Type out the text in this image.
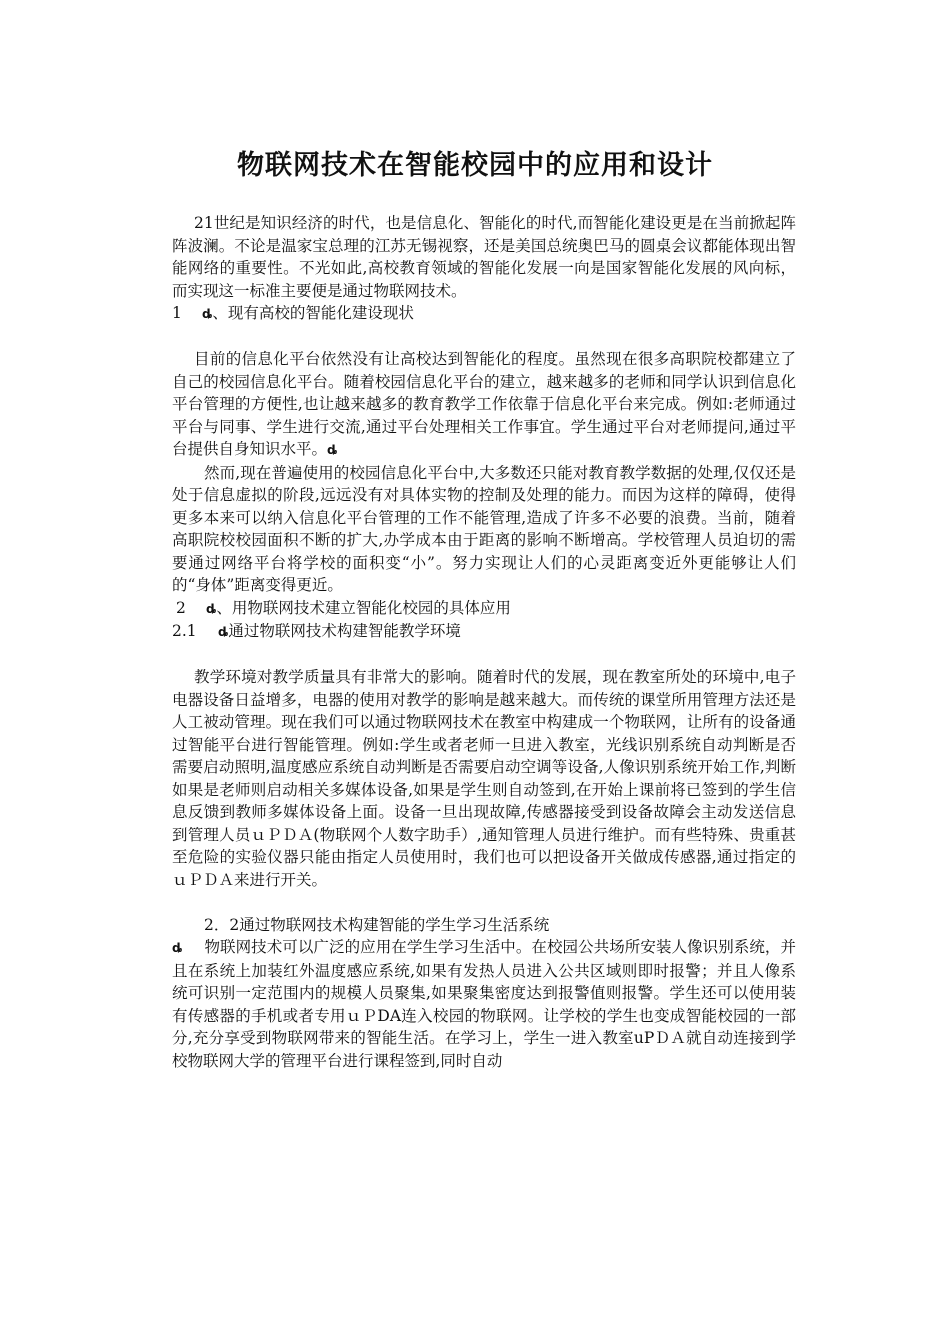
物联网技术在智能校园中的应用和设计

21世纪是知识经济的时代，也是信息化、智能化的时代,而智能化建设更是在当前掀起阵阵波澜。不论是温家宝总理的江苏无锡视察，还是美国总统奥巴马的圆桌会议都能体现出智能网络的重要性。不光如此,高校教育领域的智能化发展一向是国家智能化发展的风向标，而实现这一标准主要便是通过物联网技术。

1 ȡ、现有高校的智能化建设现状

目前的信息化平台依然没有让高校达到智能化的程度。虽然现在很多高职院校都建立了自己的校园信息化平台。随着校园信息化平台的建立，越来越多的老师和同学认识到信息化平台管理的方便性,也让越来越多的教育教学工作依靠于信息化平台来完成。例如:老师通过平台与同事、学生进行交流,通过平台处理相关工作事宜。学生通过平台对老师提问,通过平台提供自身知识水平。ȡ

然而,现在普遍使用的校园信息化平台中,大多数还只能对教育教学数据的处理,仅仅还是处于信息虚拟的阶段,远远没有对具体实物的控制及处理的能力。而因为这样的障碍，使得更多本来可以纳入信息化平台管理的工作不能管理,造成了许多不必要的浪费。当前，随着高职院校校园面积不断的扩大,办学成本由于距离的影响不断增高。学校管理人员迫切的需要通过网络平台将学校的面积变“小”。努力实现让人们的心灵距离变近外更能够让人们的“身体”距离变得更近。

2 ȡ、用物联网技术建立智能化校园的具体应用

2.1 ȡ通过物联网技术构建智能教学环境

教学环境对教学质量具有非常大的影响。随着时代的发展，现在教室所处的环境中,电子电器设备日益增多，电器的使用对教学的影响是越来越大。而传统的课堂所用管理方法还是人工被动管理。现在我们可以通过物联网技术在教室中构建成一个物联网，让所有的设备通过智能平台进行智能管理。例如:学生或者老师一旦进入教室，光线识别系统自动判断是否需要启动照明,温度感应系统自动判断是否需要启动空调等设备,人像识别系统开始工作,判断如果是老师则启动相关多媒体设备,如果是学生则自动签到,在开始上课前将已签到的学生信息反馈到教师多媒体设备上面。设备一旦出现故障,传感器接受到设备故障会主动发送信息到管理人员ｕＰＤＡ(物联网个人数字助手）,通知管理人员进行维护。而有些特殊、贵重甚至危险的实验仪器只能由指定人员使用时，我们也可以把设备开关做成传感器,通过指定的ｕＰＤＡ来进行开关。

2．2通过物联网技术构建智能的学生学习生活系统

ȡ 物联网技术可以广泛的应用在学生学习生活中。在校园公共场所安装人像识别系统，并且在系统上加装红外温度感应系统,如果有发热人员进入公共区域则即时报警；并且人像系统可识别一定范围内的规模人员聚集,如果聚集密度达到报警值则报警。学生还可以使用装有传感器的手机或者专用ｕＰDA连入校园的物联网。让学校的学生也变成智能校园的一部分,充分享受到物联网带来的智能生活。在学习上，学生一进入教室uPＤＡ就自动连接到学校物联网大学的管理平台进行课程签到,同时自动
